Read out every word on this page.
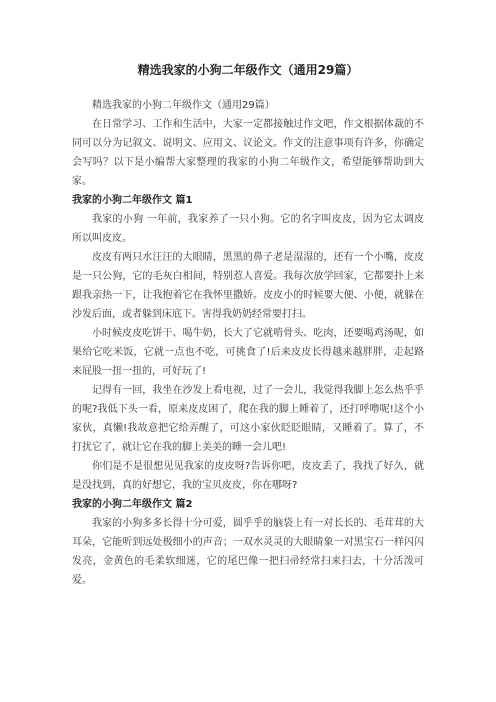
精选我家的小狗二年级作文（通用29篇）

精选我家的小狗二年级作文（通用29篇）

在日常学习、工作和生活中，大家一定都接触过作文吧，作文根据体裁的不同可以分为记叙文、说明文、应用文、议论文。作文的注意事项有许多，你确定会写吗？以下是小编帮大家整理的我家的小狗二年级作文，希望能够帮助到大家。

我家的小狗二年级作文 篇1

我家的小狗 一年前，我家养了一只小狗。它的名字叫皮皮，因为它太调皮所以叫皮皮。

皮皮有两只水汪汪的大眼睛，黑黑的鼻子老是湿湿的，还有一个小嘴，皮皮是一只公狗，它的毛灰白相间，特别惹人喜爱。我每次放学回家，它都要扑上来跟我亲热一下，让我抱着它在我怀里撒娇。皮皮小的时候要大便、小便，就躲在沙发后面，或者躲到床底下。害得我奶奶经常要打扫。

小时候皮皮吃饼干、喝牛奶，长大了它就啃骨头、吃肉，还要喝鸡汤呢，如果给它吃米饭，它就一点也不吃，可挑食了!后来皮皮长得越来越胖胖，走起路来屁股一扭一扭的，可好玩了!

记得有一回，我坐在沙发上看电视，过了一会儿，我觉得我脚上怎么热乎乎的呢?我低下头一看，原来皮皮困了，爬在我的脚上睡着了，还打呼噜呢!这个小家伙，真懒!我故意把它给弄醒了，可这小家伙眨眨眼睛，又睡着了。算了，不打扰它了，就让它在我的脚上美美的睡一会儿吧!

你们是不是很想见见我家的皮皮呀?告诉你吧，皮皮丢了，我找了好久，就是没找到，真的好想它，我的宝贝皮皮，你在哪呀?

我家的小狗二年级作文 篇2

我家的小狗多多长得十分可爱，圆乎乎的脑袋上有一对长长的、毛茸茸的大耳朵，它能听到远处极细小的声音；一双水灵灵的大眼睛象一对黑宝石一样闪闪发亮，金黄色的毛柔软细迷，它的尾巴像一把扫帚经常扫来扫去，十分活泼可爱。
